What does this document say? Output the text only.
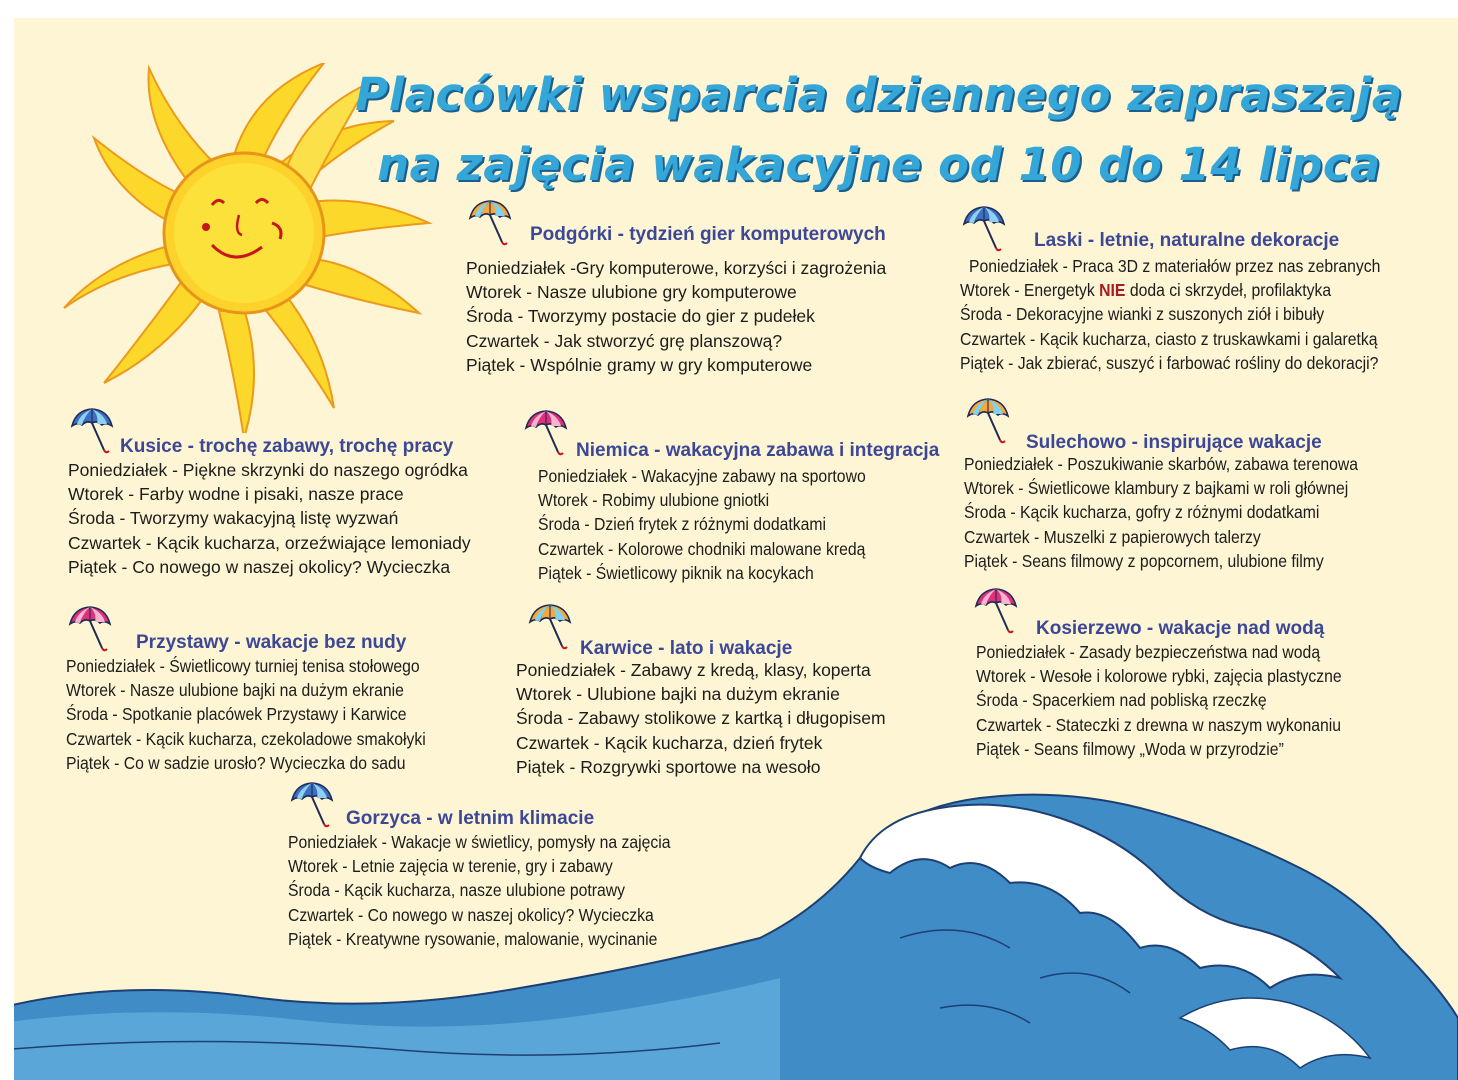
Placówki wsparcia dziennego zapraszają
na zajęcia wakacyjne od 10 do 14 lipca
Podgórki - tydzień gier komputerowych
Poniedziałek -Gry komputerowe, korzyści i zagrożenia
Wtorek - Nasze ulubione gry komputerowe
Środa - Tworzymy postacie do gier z pudełek
Czwartek - Jak stworzyć grę planszową?
Piątek - Wspólnie gramy w gry komputerowe
Laski - letnie, naturalne dekoracje
Poniedziałek - Praca 3D z materiałów przez nas zebranych
Wtorek - Energetyk NIE doda ci skrzydeł, profilaktyka
Środa - Dekoracyjne wianki z suszonych ziół i bibuły
Czwartek - Kącik kucharza, ciasto z truskawkami i galaretką
Piątek - Jak zbierać, suszyć i farbować rośliny do dekoracji?
Kusice - trochę zabawy, trochę pracy
Poniedziałek - Piękne skrzynki do naszego ogródka
Wtorek - Farby wodne i pisaki, nasze prace
Środa - Tworzymy wakacyjną listę wyzwań
Czwartek - Kącik kucharza, orzeźwiające lemoniady
Piątek - Co nowego w naszej okolicy? Wycieczka
Niemica - wakacyjna zabawa i integracja
Poniedziałek - Wakacyjne zabawy na sportowo
Wtorek - Robimy ulubione gniotki
Środa - Dzień frytek z różnymi dodatkami
Czwartek - Kolorowe chodniki malowane kredą
Piątek - Świetlicowy piknik na kocykach
Sulechowo - inspirujące wakacje
Poniedziałek - Poszukiwanie skarbów, zabawa terenowa
Wtorek - Świetlicowe klambury z bajkami w roli głównej
Środa - Kącik kucharza, gofry z różnymi dodatkami
Czwartek - Muszelki z papierowych talerzy
Piątek - Seans filmowy z popcornem, ulubione filmy
Przystawy - wakacje bez nudy
Poniedziałek - Świetlicowy turniej tenisa stołowego
Wtorek - Nasze ulubione bajki na dużym ekranie
Środa - Spotkanie placówek Przystawy i Karwice
Czwartek - Kącik kucharza, czekoladowe smakołyki
Piątek - Co w sadzie urosło? Wycieczka do sadu
Karwice - lato i wakacje
Poniedziałek - Zabawy z kredą, klasy, koperta
Wtorek - Ulubione bajki na dużym ekranie
Środa - Zabawy stolikowe z kartką i długopisem
Czwartek - Kącik kucharza, dzień frytek
Piątek - Rozgrywki sportowe na wesoło
Kosierzewo - wakacje nad wodą
Poniedziałek - Zasady bezpieczeństwa nad wodą
Wtorek - Wesołe i kolorowe rybki, zajęcia plastyczne
Środa - Spacerkiem nad pobliską rzeczkę
Czwartek - Stateczki z drewna w naszym wykonaniu
Piątek - Seans filmowy „Woda w przyrodzie”
Gorzyca - w letnim klimacie
Poniedziałek - Wakacje w świetlicy, pomysły na zajęcia
Wtorek - Letnie zajęcia w terenie, gry i zabawy
Środa - Kącik kucharza, nasze ulubione potrawy
Czwartek - Co nowego w naszej okolicy? Wycieczka
Piątek - Kreatywne rysowanie, malowanie, wycinanie
